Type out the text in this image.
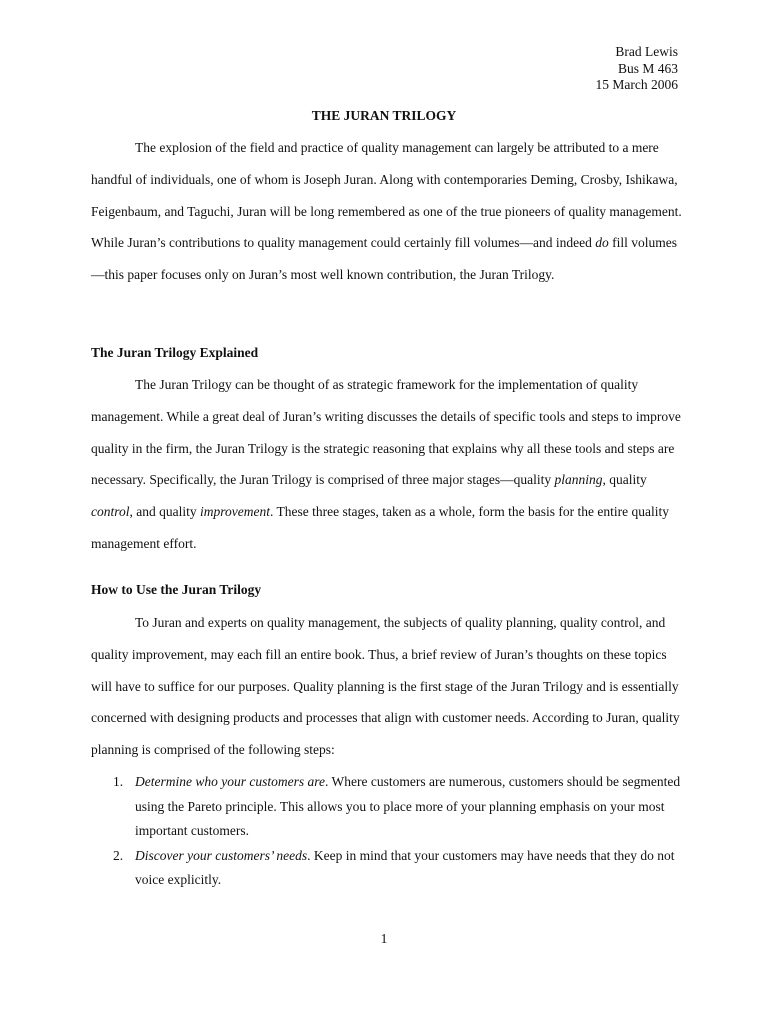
Brad Lewis
Bus M 463
15 March 2006
THE JURAN TRILOGY

The explosion of the field and practice of quality management can largely be attributed to a mere handful of individuals, one of whom is Joseph Juran. Along with contemporaries Deming, Crosby, Ishikawa, Feigenbaum, and Taguchi, Juran will be long remembered as one of the true pioneers of quality management. While Juran’s contributions to quality management could certainly fill volumes—and indeed do fill volumes—this paper focuses only on Juran’s most well known contribution, the Juran Trilogy.

The Juran Trilogy Explained

The Juran Trilogy can be thought of as strategic framework for the implementation of quality management. While a great deal of Juran’s writing discusses the details of specific tools and steps to improve quality in the firm, the Juran Trilogy is the strategic reasoning that explains why all these tools and steps are necessary. Specifically, the Juran Trilogy is comprised of three major stages—quality planning, quality control, and quality improvement. These three stages, taken as a whole, form the basis for the entire quality management effort.

How to Use the Juran Trilogy

To Juran and experts on quality management, the subjects of quality planning, quality control, and quality improvement, may each fill an entire book. Thus, a brief review of Juran’s thoughts on these topics will have to suffice for our purposes. Quality planning is the first stage of the Juran Trilogy and is essentially concerned with designing products and processes that align with customer needs. According to Juran, quality planning is comprised of the following steps:

1. Determine who your customers are. Where customers are numerous, customers should be segmented using the Pareto principle. This allows you to place more of your planning emphasis on your most important customers.
2. Discover your customers’ needs. Keep in mind that your customers may have needs that they do not voice explicitly.
1
